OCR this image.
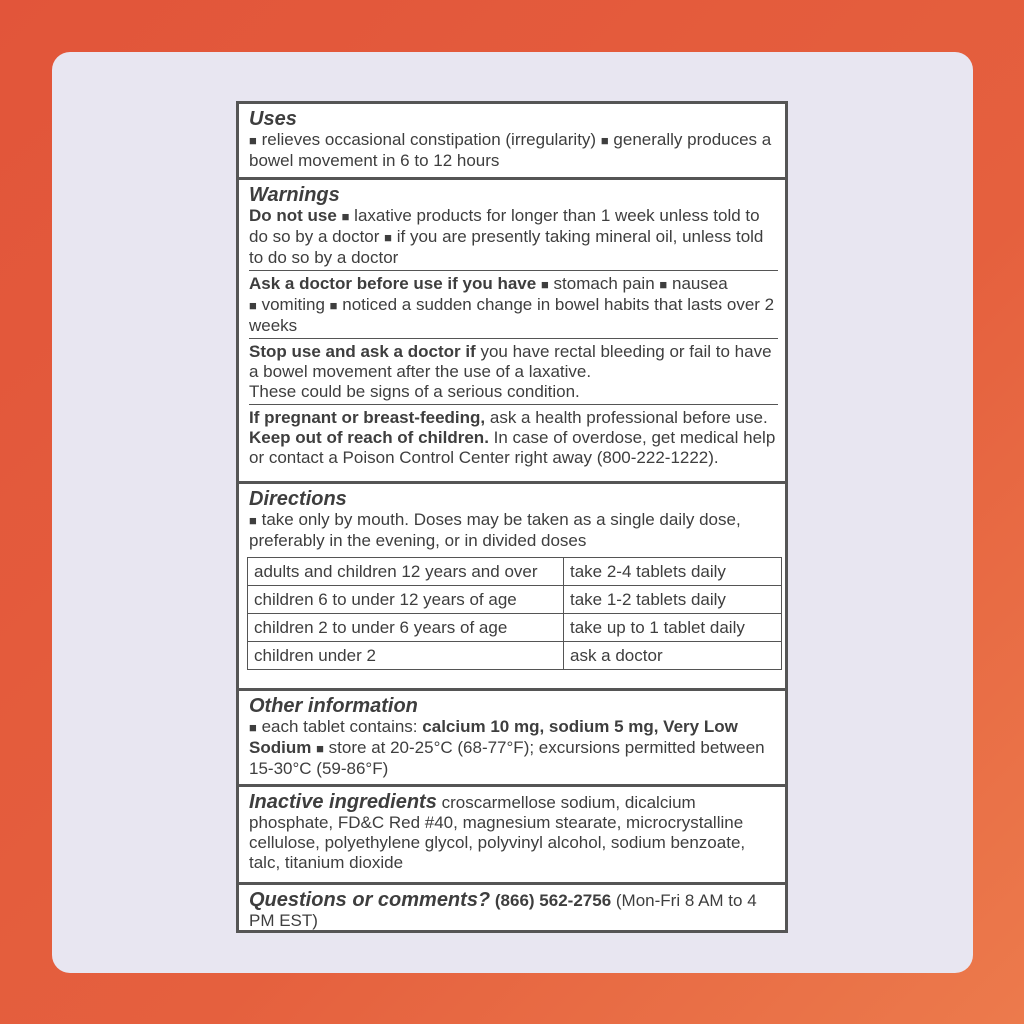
Uses

■ relieves occasional constipation (irregularity) ■ generally produces a bowel movement in 6 to 12 hours

Warnings

Do not use ■ laxative products for longer than 1 week unless told to do so by a doctor ■ if you are presently taking mineral oil, unless told to do so by a doctor

Ask a doctor before use if you have ■ stomach pain ■ nausea
■ vomiting ■ noticed a sudden change in bowel habits that lasts over 2 weeks

Stop use and ask a doctor if you have rectal bleeding or fail to have a bowel movement after the use of a laxative.
These could be signs of a serious condition.

If pregnant or breast-feeding, ask a health professional before use.

Keep out of reach of children. In case of overdose, get medical help or contact a Poison Control Center right away (800-222-1222).

Directions

■ take only by mouth. Doses may be taken as a single daily dose, preferably in the evening, or in divided doses

adults and children 12 years and over	take 2-4 tablets daily
children 6 to under 12 years of age	take 1-2 tablets daily
children 2 to under 6 years of age	take up to 1 tablet daily
children under 2	ask a doctor
Other information

■ each tablet contains: calcium 10 mg, sodium 5 mg, Very Low Sodium ■ store at 20-25°C (68-77°F); excursions permitted between 15-30°C (59-86°F)

Inactive ingredients croscarmellose sodium, dicalcium phosphate, FD&C Red #40, magnesium stearate, microcrystalline cellulose, polyethylene glycol, polyvinyl alcohol, sodium benzoate, talc, titanium dioxide

Questions or comments? (866) 562-2756 (Mon-Fri 8 AM to 4 PM EST)
